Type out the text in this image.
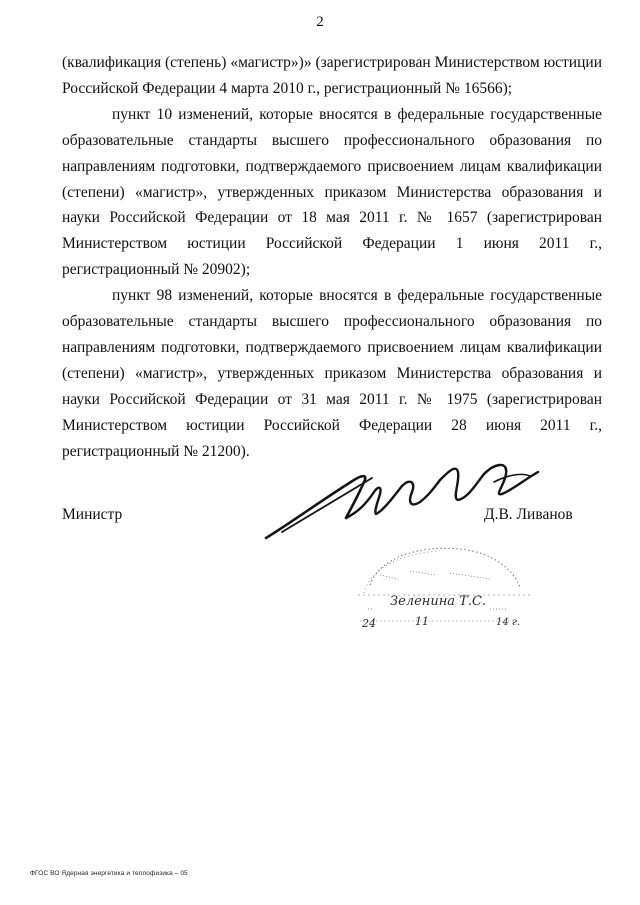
2

(квалификация (степень) «магистр»)» (зарегистрирован Министерством юстиции Российской Федерации 4 марта 2010 г., регистрационный № 16566);

пункт 10 изменений, которые вносятся в федеральные государственные образовательные стандарты высшего профессионального образования по направлениям подготовки, подтверждаемого присвоением лицам квалификации (степени) «магистр», утвержденных приказом Министерства образования и науки Российской Федерации от 18 мая 2011 г. № 1657 (зарегистрирован Министерством юстиции Российской Федерации 1 июня 2011 г., регистрационный № 20902);

пункт 98 изменений, которые вносятся в федеральные государственные образовательные стандарты высшего профессионального образования по направлениям подготовки, подтверждаемого присвоением лицам квалификации (степени) «магистр», утвержденных приказом Министерства образования и науки Российской Федерации от 31 мая 2011 г. № 1975 (зарегистрирован Министерством юстиции Российской Федерации 28 июня 2011 г., регистрационный № 21200).

Министр	Д.В. Ливанов
Зеленина Т.С.
24	11	14 г.
ФГОС ВО Ядерная энергетика и теплофизика – 05
